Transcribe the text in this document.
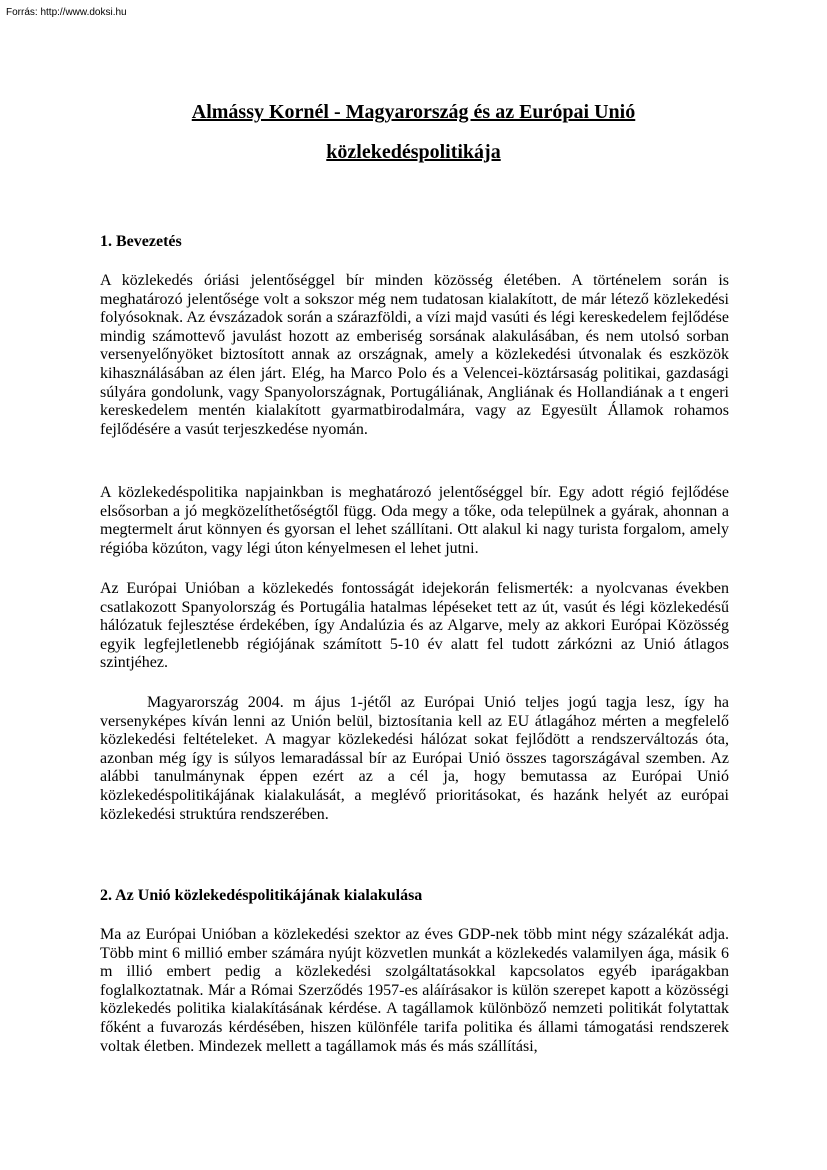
Forrás: http://www.doksi.hu
Almássy Kornél - Magyarország és az Európai Unió
közlekedéspolitikája
1. Bevezetés

A közlekedés óriási jelentőséggel bír minden közösség életében. A történelem során is meghatározó jelentősége volt a sokszor még nem tudatosan kialakított, de már létező közlekedési folyósoknak. Az évszázadok során a szárazföldi, a vízi majd vasúti és légi kereskedelem fejlődése mindig számottevő javulást hozott az emberiség sorsának alakulásában, és nem utolsó sorban versenyelőnyöket biztosított annak az országnak, amely a közlekedési útvonalak és eszközök kihasználásában az élen járt. Elég, ha Marco Polo és a Velencei-köztársaság politikai, gazdasági súlyára gondolunk, vagy Spanyolországnak, Portugáliának, Angliának és Hollandiának a t engeri kereskedelem mentén kialakított gyarmatbirodalmára, vagy az Egyesült Államok rohamos fejlődésére a vasút terjeszkedése nyomán.

A közlekedéspolitika napjainkban is meghatározó jelentőséggel bír. Egy adott régió fejlődése elsősorban a jó megközelíthetőségtől függ. Oda megy a tőke, oda települnek a gyárak, ahonnan a megtermelt árut könnyen és gyorsan el lehet szállítani. Ott alakul ki nagy turista forgalom, amely régióba közúton, vagy légi úton kényelmesen el lehet jutni.

Az Európai Unióban a közlekedés fontosságát idejekorán felismerték: a nyolcvanas években csatlakozott Spanyolország és Portugália hatalmas lépéseket tett az út, vasút és légi közlekedésű hálózatuk fejlesztése érdekében, így Andalúzia és az Algarve, mely az akkori Európai Közösség egyik legfejletlenebb régiójának számított 5-10 év alatt fel tudott zárkózni az Unió átlagos szintjéhez.

Magyarország 2004. m ájus 1-jétől az Európai Unió teljes jogú tagja lesz, így ha versenyképes kíván lenni az Unión belül, biztosítania kell az EU átlagához mérten a megfelelő közlekedési feltételeket. A magyar közlekedési hálózat sokat fejlődött a rendszerváltozás óta, azonban még így is súlyos lemaradással bír az Európai Unió összes tagországával szemben. Az alábbi tanulmánynak éppen ezért az a cél ja, hogy bemutassa az Európai Unió közlekedéspolitikájának kialakulását, a meglévő prioritásokat, és hazánk helyét az európai közlekedési struktúra rendszerében.

2. Az Unió közlekedéspolitikájának kialakulása

Ma az Európai Unióban a közlekedési szektor az éves GDP-nek több mint négy százalékát adja. Több mint 6 millió ember számára nyújt közvetlen munkát a közlekedés valamilyen ága, másik 6 m illió embert pedig a közlekedési szolgáltatásokkal kapcsolatos egyéb iparágakban foglalkoztatnak. Már a Római Szerződés 1957-es aláírásakor is külön szerepet kapott a közösségi közlekedés politika kialakításának kérdése. A tagállamok különböző nemzeti politikát folytattak főként a fuvarozás kérdésében, hiszen különféle tarifa politika és állami támogatási rendszerek voltak életben. Mindezek mellett a tagállamok más és más szállítási,
